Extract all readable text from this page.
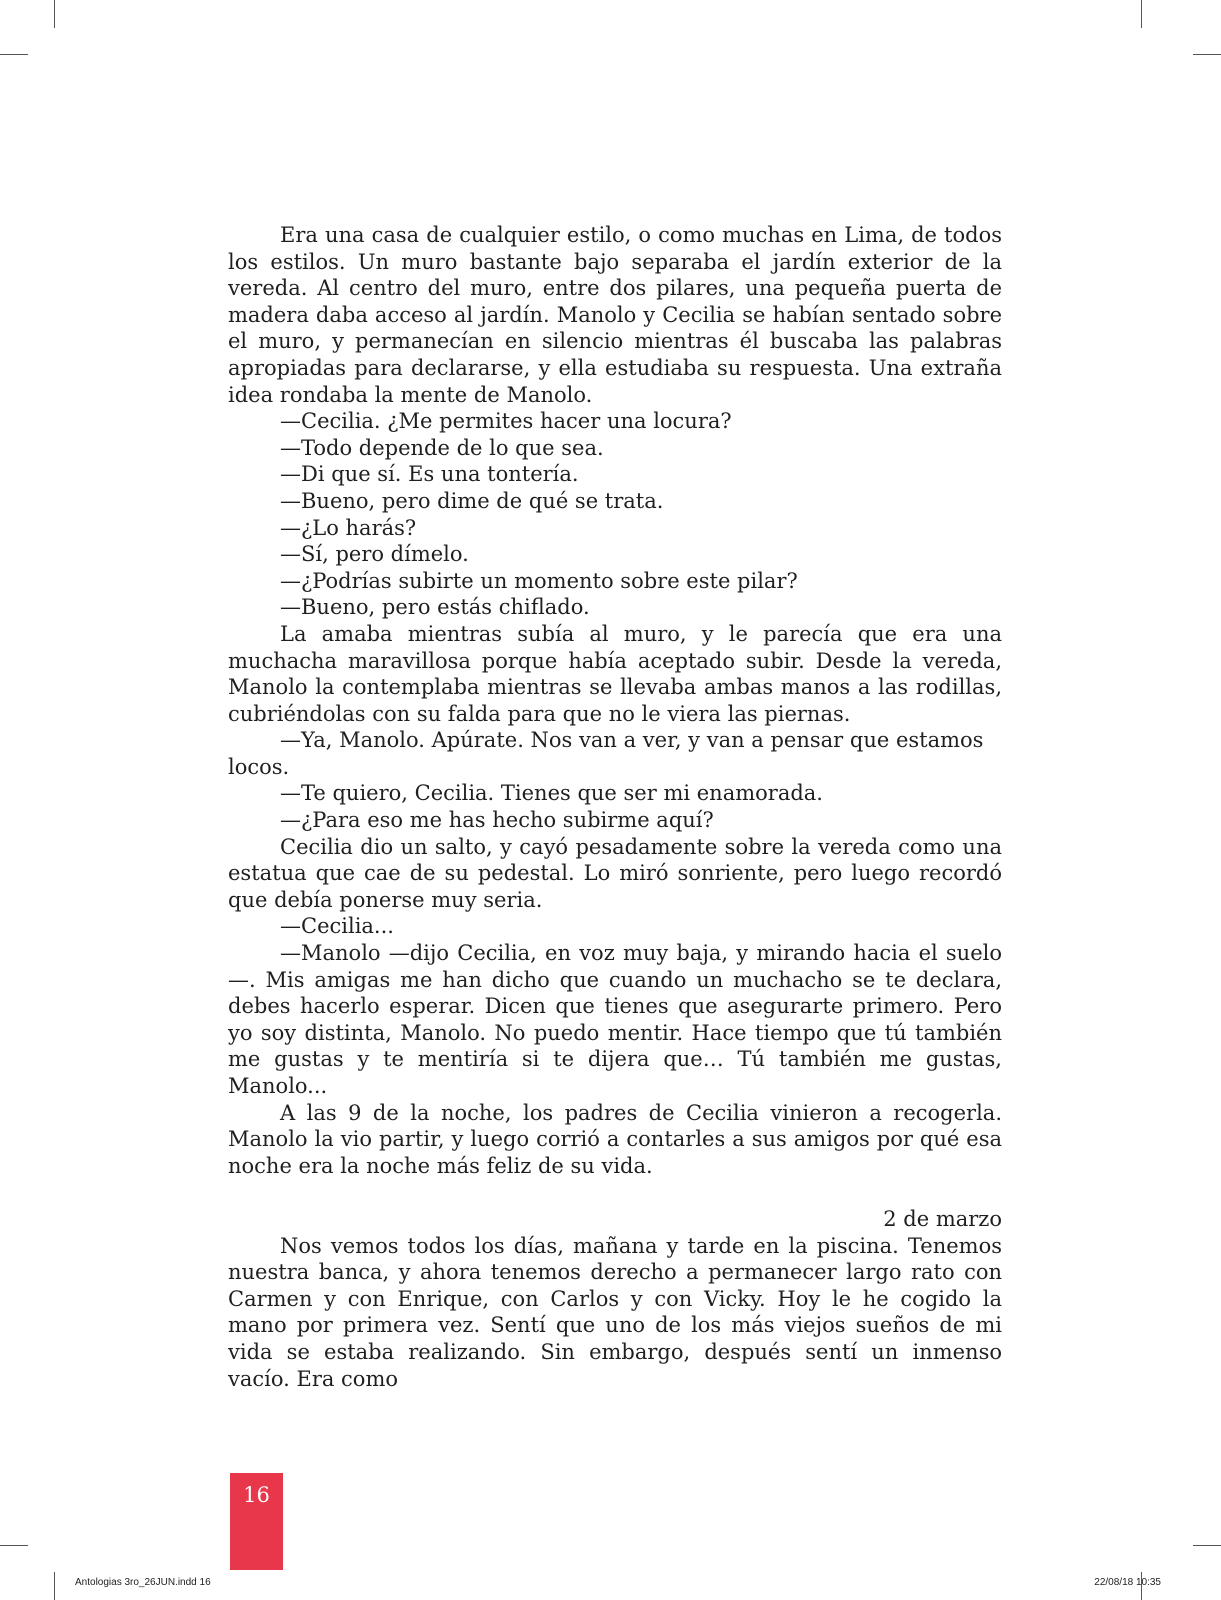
Era una casa de cualquier estilo, o como muchas en Lima, de todos los estilos. Un muro bastante bajo separaba el jardín exterior de la vereda. Al centro del muro, entre dos pilares, una pequeña puerta de madera daba acceso al jardín. Manolo y Cecilia se habían sentado sobre el muro, y permanecían en silencio mientras él buscaba las palabras apropiadas para declararse, y ella estudiaba su respuesta. Una extraña idea rondaba la mente de Manolo.

—Cecilia. ¿Me permites hacer una locura?

—Todo depende de lo que sea.

—Di que sí. Es una tontería.

—Bueno, pero dime de qué se trata.

—¿Lo harás?

—Sí, pero dímelo.

—¿Podrías subirte un momento sobre este pilar?

—Bueno, pero estás chiflado.

La amaba mientras subía al muro, y le parecía que era una muchacha maravillosa porque había aceptado subir. Desde la vereda, Manolo la contemplaba mientras se llevaba ambas manos a las rodillas, cubriéndolas con su falda para que no le viera las piernas.

—Ya, Manolo. Apúrate. Nos van a ver, y van a pensar que estamos locos.

—Te quiero, Cecilia. Tienes que ser mi enamorada.

—¿Para eso me has hecho subirme aquí?

Cecilia dio un salto, y cayó pesadamente sobre la vereda como una estatua que cae de su pedestal. Lo miró sonriente, pero luego recordó que debía ponerse muy seria.

—Cecilia...

—Manolo —dijo Cecilia, en voz muy baja, y mirando hacia el suelo—. Mis amigas me han dicho que cuando un muchacho se te declara, debes hacerlo esperar. Dicen que tienes que asegurarte primero. Pero yo soy distinta, Manolo. No puedo mentir. Hace tiempo que tú también me gustas y te mentiría si te dijera que… Tú también me gustas, Manolo...

A las 9 de la noche, los padres de Cecilia vinieron a recogerla. Manolo la vio partir, y luego corrió a contarles a sus amigos por qué esa noche era la noche más feliz de su vida.

2 de marzo

Nos vemos todos los días, mañana y tarde en la piscina. Tenemos nuestra banca, y ahora tenemos derecho a permanecer largo rato con Carmen y con Enrique, con Carlos y con Vicky. Hoy le he cogido la mano por primera vez. Sentí que uno de los más viejos sueños de mi vida se estaba realizando. Sin embargo, después sentí un inmenso vacío. Era como

16
Antologias 3ro_26JUN.indd 16	22/08/18 10:35
